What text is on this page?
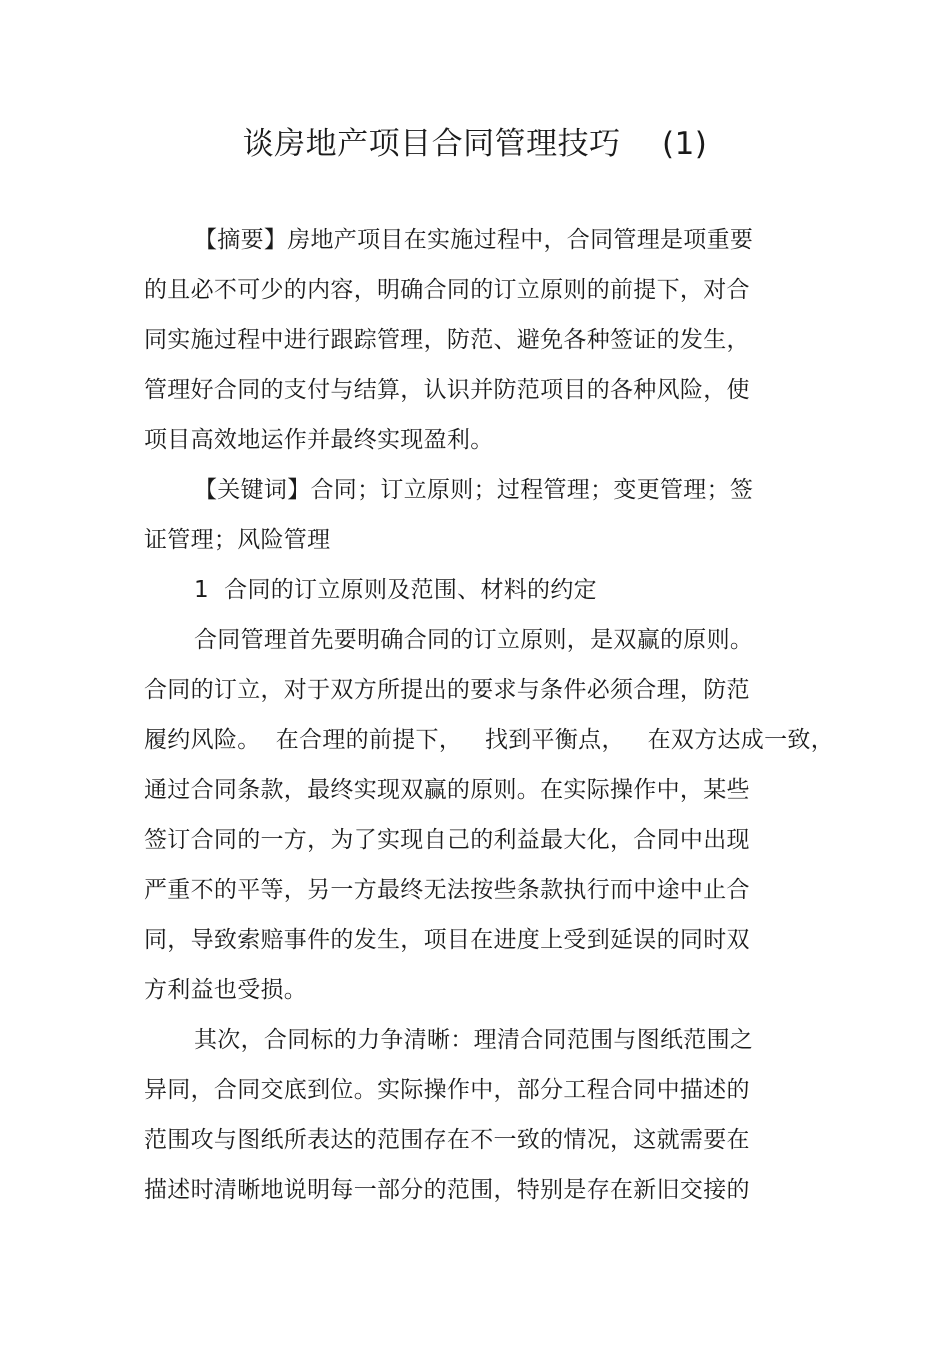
谈房地产项目合同管理技巧    (1)
【摘要】房地产项目在实施过程中，合同管理是项重要
的且必不可少的内容，明确合同的订立原则的前提下，对合
同实施过程中进行跟踪管理，防范、避免各种签证的发生，
管理好合同的支付与结算，认识并防范项目的各种风险，使
项目高效地运作并最终实现盈利。
【关键词】合同；订立原则；过程管理；变更管理；签
证管理；风险管理
1  合同的订立原则及范围、材料的约定
合同管理首先要明确合同的订立原则，是双赢的原则。
合同的订立，对于双方所提出的要求与条件必须合理，防范
履约风险。  在合理的前提下，   找到平衡点，   在双方达成一致，
通过合同条款，最终实现双赢的原则。在实际操作中，某些
签订合同的一方，为了实现自己的利益最大化，合同中出现
严重不的平等，另一方最终无法按些条款执行而中途中止合
同，导致索赔事件的发生，项目在进度上受到延误的同时双
方利益也受损。
其次，合同标的力争清晰：理清合同范围与图纸范围之
异同，合同交底到位。实际操作中，部分工程合同中描述的
范围攻与图纸所表达的范围存在不一致的情况，这就需要在
描述时清晰地说明每一部分的范围，特别是存在新旧交接的
